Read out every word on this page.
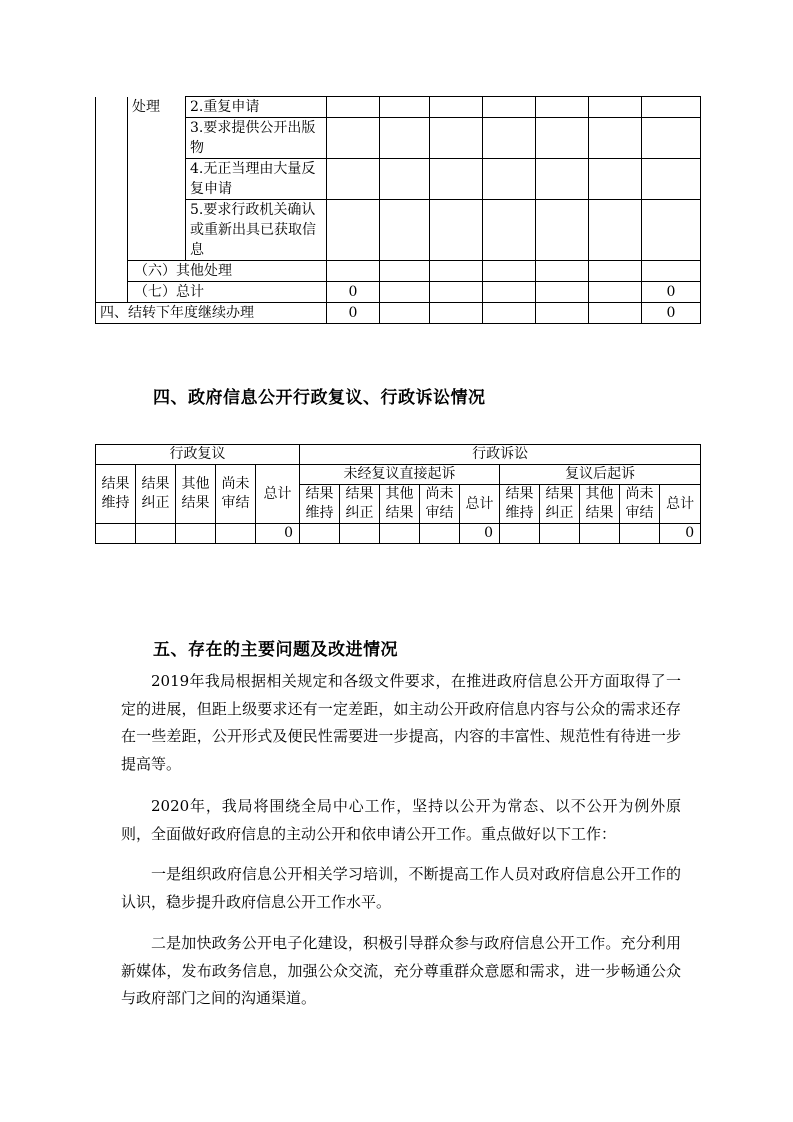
	处理	2.重复申请							
		3.要求提供公开出版物							
		4.无正当理由大量反复申请							
		5.要求行政机关确认或重新出具已获取信息							
	（六）其他处理								
	（七）总计		0						0
四、结转下年度继续办理			0						0
四、政府信息公开行政复议、行政诉讼情况
行政复议					行政诉讼									
结果维持	结果纠正	其他结果	尚未审结	总计	未经复议直接起诉					复议后起诉				
					结果维持	结果纠正	其他结果	尚未审结	总计	结果维持	结果纠正	其他结果	尚未审结	总计
				0					0					0
五、存在的主要问题及改进情况

2019年我局根据相关规定和各级文件要求，在推进政府信息公开方面取得了一定的进展，但距上级要求还有一定差距，如主动公开政府信息内容与公众的需求还存在一些差距，公开形式及便民性需要进一步提高，内容的丰富性、规范性有待进一步提高等。

2020年，我局将围绕全局中心工作，坚持以公开为常态、以不公开为例外原则，全面做好政府信息的主动公开和依申请公开工作。重点做好以下工作：

一是组织政府信息公开相关学习培训，不断提高工作人员对政府信息公开工作的认识，稳步提升政府信息公开工作水平。

二是加快政务公开电子化建设，积极引导群众参与政府信息公开工作。充分利用新媒体，发布政务信息，加强公众交流，充分尊重群众意愿和需求，进一步畅通公众与政府部门之间的沟通渠道。
